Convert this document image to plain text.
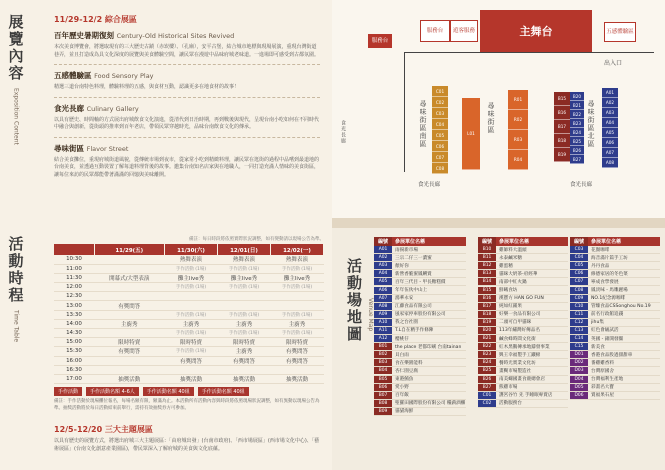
展覽內容
Exposition Content
活動時程
Time Table
11/29-12/2 綜合展區
百年歷史暑期復刻 Century-Old Historical Sites Revived
本次美食博覽會，將選取現有的三大歷史古蹟（赤崁樓）、（孔廟），安平古堡，結合城市地標與現場展演，重現台灣街道巷弄，並且打造成為具文化深度的展覽與美食體驗空間，讓民眾在漫遊中品味府城老味道。一進場即可感受到古都氛圍。
五感體驗區 Food Sensory Play
精選三道台南特色料理，體驗料理的五感，與食材互動，認識更多在地食材的故事！
食光長廊 Culinary Gallery
以具有歷史、時間軸的方式展出府城飲食文化演進，從清代到日治時期，再到戰後與現代，呈現台南小吃如何在不同時代中融合與創新，從街頭的推車到百年老店，帶領民眾穿越時光，品味台南飲食文化的傳承。
尋味街區 Flavor Street
結合美食攤位，重現府城街道風貌，從傳統市場到夜市，從家常小吃到精緻料理，讓民眾在逛街的過程中品嚐到最道地的台南美食，並透過互動裝置了解每道料理背後的故事。邀集台南知名店家與在地職人，一同打造充滿人情味的美食街區，讓每位來訪的民眾都能帶著滿滿的回憶與美味離開。
備註：每日時段將依照實際狀況調整，如有變動請以現場公告為準。
	11/29(五)	11/30(六)	12/01(日)	12/02(一)
10:30		熱舞表演	熱舞表演	熱舞表演
11:00		手作活動 (1場)	手作活動 (1場)	手作活動 (1場)
11:30	開幕式/大型表演	攤主live秀	攤主live秀	攤主live秀
12:00		手作活動 (1場)	手作活動 (1場)	手作活動 (1場)
12:30				
13:00	有獎問答			
13:30		手作活動 (1場)	手作活動 (1場)	手作活動 (1場)
14:00	主廚秀	主廚秀	主廚秀	主廚秀
14:30		手作活動 (1場)	手作活動 (1場)	手作活動 (1場)
15:00	限時特賣	限時特賣	限時特賣	限時特賣
15:30	有獎問答	手作活動 (1場)	主廚秀	有獎問答
16:00		有獎問答	有獎問答	有獎問答
16:30				
17:00	抽獎活動	抽獎活動	抽獎活動	抽獎活動
手作活動	手作活動名額 4-6人	手作活動名額 40組	手作活動名額 40組
備註：手作活動於現場攤位報名，每場名額有限，額滿為止。本活動所有活動內容與時段將依照現場狀況調整，如有異動以現場公告為準。抽獎活動將於每日活動結束前舉行，需持有效抽獎券方可參加。
12/5-12/20 三大主題展區
以具有歷史的展覽方式，將選出府城三大主題展區：「由府城出發」(台南市政府)、「西市場展區」(西市場文化中心)、「藝術展區」(台南文化創意產業園區)，帶民眾深入了解府城的美食與文化底蘊。
服務台
服務台	遊客服務	主舞台	五感體驗區
出入口
食光長廊	尋味街區南區	尋味街區	尋味街區北區
食光長廊	食光長廊
C01
C02
C03
C04
C05
C06
C07
C08
L01
R01
R02
R03
R04
B15
B16
B17
B18
B19
B20
B21
B22
B23
B24
B25
B26
B27
A01
A02
A03
A04
A05
A06
A07
A08
活動場地圖 Venue Map
編號	參展單位名稱
A01	雨揚新市場
A02	三宗二仔三一濃蜜
A03	顏好你
A04	新營香脆蜜鳳蜊賣
A05	百年三代目 - 甲長糖糕價
A06	年年伍伙中山上
A07	鴻華永安
A08	江藤食品有限公司
A09	風家家停車股份有限公司
A10	我之台社園
A11	T.L自在精手作條陳
A12	櫻桃仔
B01	the place 老都印刷 台南tainan
B02	貝白雨
B03	食在樂園能料
B04	杏仁園豆腐
B05	東港鮪魚
B06	愛小野
B07	百年飯
B08	聖羅田國際股份有限公司 糧薪酒櫃
B09	貓貓海鮮
編號	參展單位名稱
B10	雞師料大溫頭
B11	永泰鹹米糖
B12	雞蛋精
B13	貓咪大奶茶-府經華
B14	南部中紅火鍋
B15	鮮曦食坊
B16	漢寶方 HAN GO FUN
B17	純如紅鋪果
B18	好樂一食品有限公司
B19	二頭可自甲貓咪
B20	113年繡灣好傳品名
B21	鹹食蜂時間文化街
B22	紅木黑鵝傳承地鑄發事業
B23	興王幸福製手工鐵棉
B24	餐時光實業文化坊
B25	畫糊市場製造社
B26	南美螺國畫食鹿總會店
B27	熊雞市場
C01	護宮谷竹 先 手睡眠專賣店
C02	活動服務台
編號	參展單位名稱
C03	花圈咖啡
C04	海音滿片篇手工坊
C05	丹丹食品
C06	修德家居的冬色菜
C07	寧成食學發展
C08	鳳淡味 - 馬雕麗場
C09	NO.1紀念源咖啡
C10	管臻食品CSSonghou No.19
C11	前名行政館追錢
C12	jihu集
C13	紅色會級試活
C14	英國 - 錦開發團
C15	新美食
D01	香港食品股過甜甜車
D02	番雞雞香料
D03	台灣原國舍
D04	台灣福利生產地
D05	彩畫名大寶
D06	賣福果石屋
